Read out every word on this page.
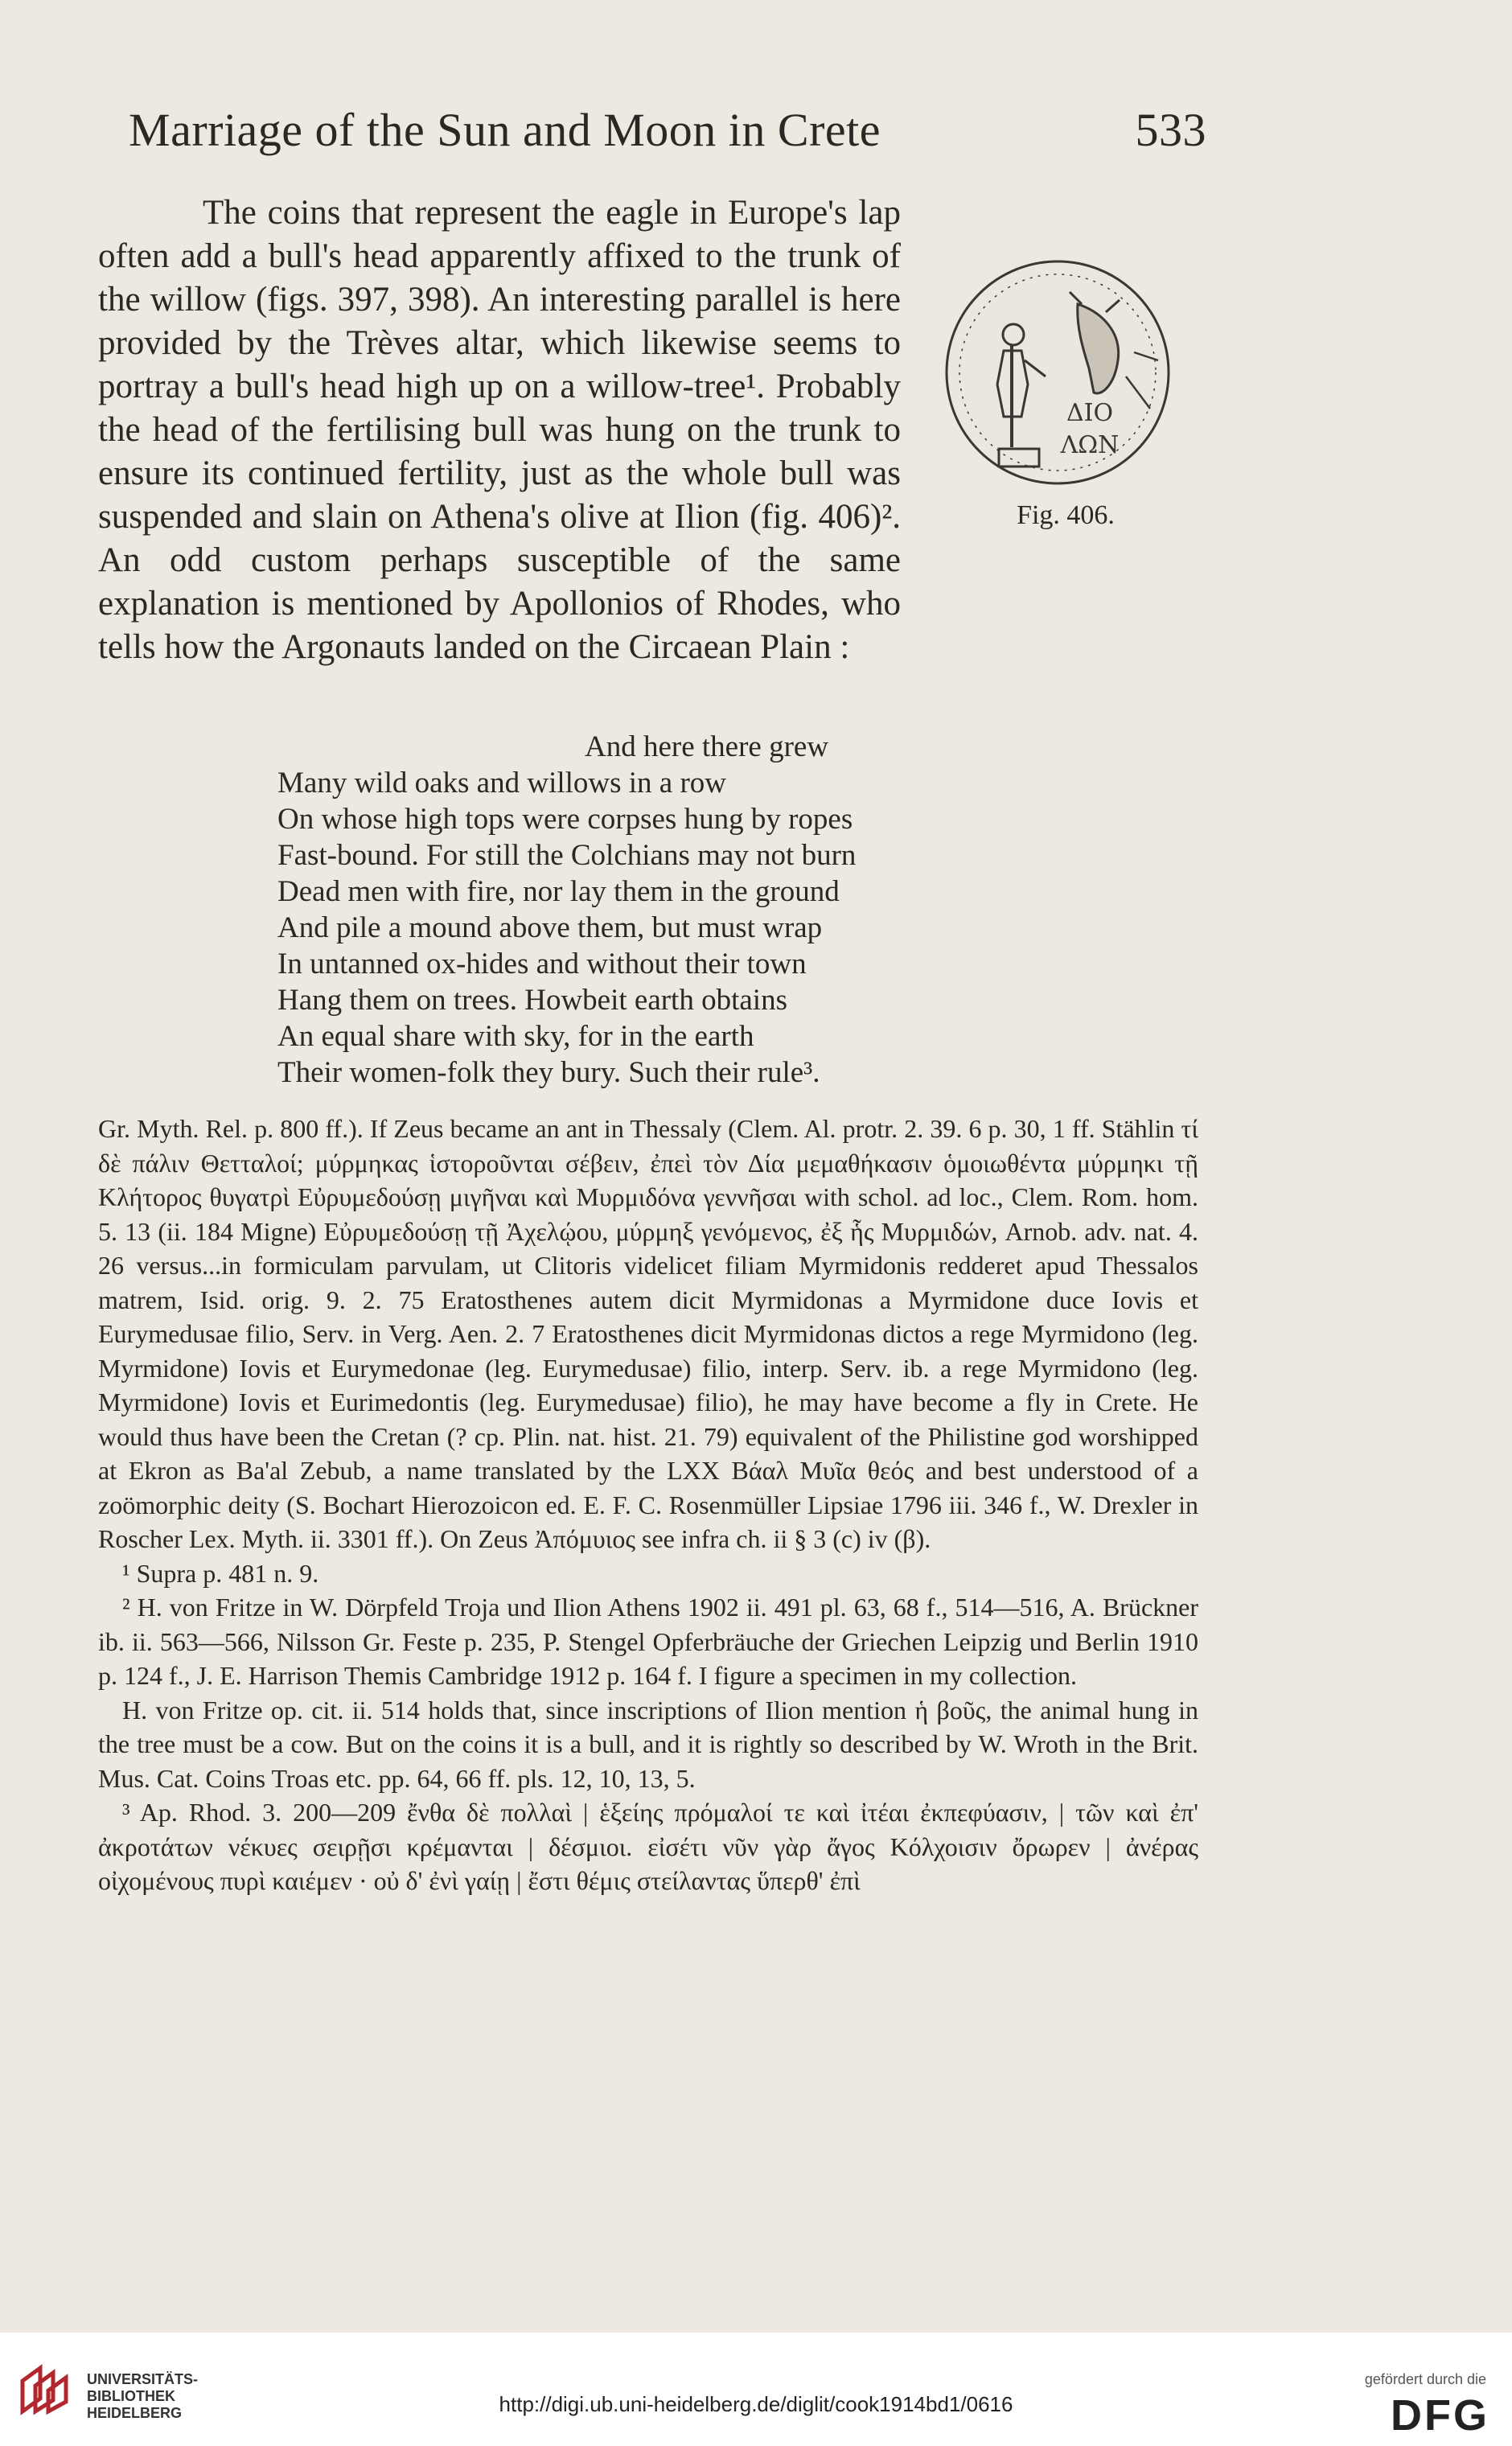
Marriage of the Sun and Moon in Crete	533
ΔΙΟ
ΛΩΝ
Fig. 406.

The coins that represent the eagle in Europe's lap often add a bull's head apparently affixed to the trunk of the willow (figs. 397, 398). An interesting parallel is here provided by the Trèves altar, which likewise seems to portray a bull's head high up on a willow-tree¹. Probably the head of the fertilising bull was hung on the trunk to ensure its continued fertility, just as the whole bull was suspended and slain on Athena's olive at Ilion (fig. 406)². An odd custom perhaps susceptible of the same explanation is mentioned by Apollonios of Rhodes, who tells how the Argonauts landed on the Circaean Plain :

And here there grew
Many wild oaks and willows in a row
On whose high tops were corpses hung by ropes
Fast-bound. For still the Colchians may not burn
Dead men with fire, nor lay them in the ground
And pile a mound above them, but must wrap
In untanned ox-hides and without their town
Hang them on trees. Howbeit earth obtains
An equal share with sky, for in the earth
Their women-folk they bury. Such their rule³.

Gr. Myth. Rel. p. 800 ff.). If Zeus became an ant in Thessaly (Clem. Al. protr. 2. 39. 6 p. 30, 1 ff. Stählin τί δὲ πάλιν Θετταλοί; μύρμηκας ἱστοροῦνται σέβειν, ἐπεὶ τὸν Δία μεμαθήκασιν ὁμοιωθέντα μύρμηκι τῇ Κλήτορος θυγατρὶ Εὐρυμεδούσῃ μιγῆναι καὶ Μυρμιδόνα γεννῆσαι with schol. ad loc., Clem. Rom. hom. 5. 13 (ii. 184 Migne) Εὐρυμεδούσῃ τῇ Ἀχελῴου, μύρμηξ γενόμενος, ἐξ ἧς Μυρμιδών, Arnob. adv. nat. 4. 26 versus...in formiculam parvulam, ut Clitoris videlicet filiam Myrmidonis redderet apud Thessalos matrem, Isid. orig. 9. 2. 75 Eratosthenes autem dicit Myrmidonas a Myrmidone duce Iovis et Eurymedusae filio, Serv. in Verg. Aen. 2. 7 Eratosthenes dicit Myrmidonas dictos a rege Myrmidono (leg. Myrmidone) Iovis et Eurymedonae (leg. Eurymedusae) filio, interp. Serv. ib. a rege Myrmidono (leg. Myrmidone) Iovis et Eurimedontis (leg. Eurymedusae) filio), he may have become a fly in Crete. He would thus have been the Cretan (? cp. Plin. nat. hist. 21. 79) equivalent of the Philistine god worshipped at Ekron as Ba'al Zebub, a name translated by the LXX Βάαλ Μυῖα θεός and best understood of a zoömorphic deity (S. Bochart Hierozoicon ed. E. F. C. Rosenmüller Lipsiae 1796 iii. 346 f., W. Drexler in Roscher Lex. Myth. ii. 3301 ff.). On Zeus Ἀπόμυιος see infra ch. ii § 3 (c) iv (β).

¹ Supra p. 481 n. 9.

² H. von Fritze in W. Dörpfeld Troja und Ilion Athens 1902 ii. 491 pl. 63, 68 f., 514—516, A. Brückner ib. ii. 563—566, Nilsson Gr. Feste p. 235, P. Stengel Opferbräuche der Griechen Leipzig und Berlin 1910 p. 124 f., J. E. Harrison Themis Cambridge 1912 p. 164 f. I figure a specimen in my collection.

H. von Fritze op. cit. ii. 514 holds that, since inscriptions of Ilion mention ἡ βοῦς, the animal hung in the tree must be a cow. But on the coins it is a bull, and it is rightly so described by W. Wroth in the Brit. Mus. Cat. Coins Troas etc. pp. 64, 66 ff. pls. 12, 10, 13, 5.

³ Ap. Rhod. 3. 200—209 ἔνθα δὲ πολλαὶ | ἑξείης πρόμαλοί τε καὶ ἰτέαι ἐκπεφύασιν, | τῶν καὶ ἐπ' ἀκροτάτων νέκυες σειρῇσι κρέμανται | δέσμιοι. εἰσέτι νῦν γὰρ ἄγος Κόλχοισιν ὄρωρεν | ἀνέρας οἰχομένους πυρὶ καιέμεν · οὐ δ' ἐνὶ γαίῃ | ἔστι θέμις στείλαντας ὕπερθ' ἐπὶ

UNIVERSITÄTS-
BIBLIOTHEK
HEIDELBERG	http://digi.ub.uni-heidelberg.de/diglit/cook1914bd1/0616
gefördert durch die
DFG
